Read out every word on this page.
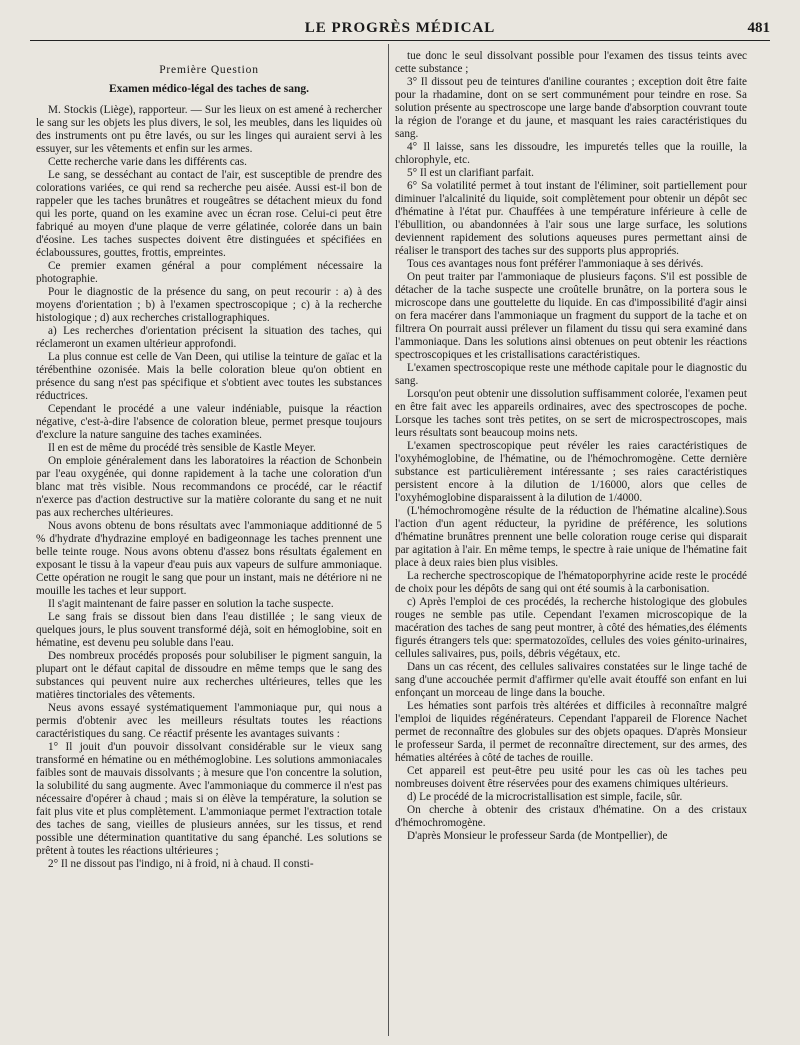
LE PROGRÈS MÉDICAL	481
Première Question
Examen médico-légal des taches de sang.

M. Stockis (Liège), rapporteur. — Sur les lieux on est amené à rechercher le sang sur les objets les plus divers, le sol, les meubles, dans les liquides où des instruments ont pu être lavés, ou sur les linges qui auraient servi à les essuyer, sur les vêtements et enfin sur les armes.

Cette recherche varie dans les différents cas.

Le sang, se desséchant au contact de l'air, est susceptible de prendre des colorations variées, ce qui rend sa recherche peu aisée. Aussi est-il bon de rappeler que les taches brunâtres et rougeâtres se détachent mieux du fond qui les porte, quand on les examine avec un écran rose. Celui-ci peut être fabriqué au moyen d'une plaque de verre gélatinée, colorée dans un bain d'éosine. Les taches suspectes doivent être distinguées et spécifiées en éclaboussures, gouttes, frottis, empreintes.

Ce premier examen général a pour complément nécessaire la photographie.

Pour le diagnostic de la présence du sang, on peut recourir : a) à des moyens d'orientation ; b) à l'examen spectroscopique ; c) à la recherche histologique ; d) aux recherches cristallographiques.

a) Les recherches d'orientation précisent la situation des taches, qui réclameront un examen ultérieur approfondi.

La plus connue est celle de Van Deen, qui utilise la teinture de gaïac et la térébenthine ozonisée. Mais la belle coloration bleue qu'on obtient en présence du sang n'est pas spécifique et s'obtient avec toutes les substances réductrices.

Cependant le procédé a une valeur indéniable, puisque la réaction négative, c'est-à-dire l'absence de coloration bleue, permet presque toujours d'exclure la nature sanguine des taches examinées.

Il en est de même du procédé très sensible de Kastle Meyer.

On emploie généralement dans les laboratoires la réaction de Schonbein par l'eau oxygénée, qui donne rapidement à la tache une coloration d'un blanc mat très visible. Nous recommandons ce procédé, car le réactif n'exerce pas d'action destructive sur la matière colorante du sang et ne nuit pas aux recherches ultérieures.

Nous avons obtenu de bons résultats avec l'ammoniaque additionné de 5 % d'hydrate d'hydrazine employé en badigeonnage les taches prennent une belle teinte rouge. Nous avons obtenu d'assez bons résultats également en exposant le tissu à la vapeur d'eau puis aux vapeurs de sulfure ammoniaque. Cette opération ne rougit le sang que pour un instant, mais ne détériore ni ne mouille les taches et leur support.

Il s'agit maintenant de faire passer en solution la tache suspecte.

Le sang frais se dissout bien dans l'eau distillée ; le sang vieux de quelques jours, le plus souvent transformé déjà, soit en hémoglobine, soit en hématine, est devenu peu soluble dans l'eau.

Des nombreux procédés proposés pour solubiliser le pigment sanguin, la plupart ont le défaut capital de dissoudre en même temps que le sang des substances qui peuvent nuire aux recherches ultérieures, telles que les matières tinctoriales des vêtements.

Neus avons essayé systématiquement l'ammoniaque pur, qui nous a permis d'obtenir avec les meilleurs résultats toutes les réactions caractéristiques du sang. Ce réactif présente les avantages suivants :

1° Il jouit d'un pouvoir dissolvant considérable sur le vieux sang transformé en hématine ou en méthémoglobine. Les solutions ammoniacales faibles sont de mauvais dissolvants ; à mesure que l'on concentre la solution, la solubilité du sang augmente. Avec l'ammoniaque du commerce il n'est pas nécessaire d'opérer à chaud ; mais si on élève la température, la solution se fait plus vite et plus complètement. L'ammoniaque permet l'extraction totale des taches de sang, vieilles de plusieurs années, sur les tissus, et rend possible une détermination quantitative du sang épanché. Les solutions se prêtent à toutes les réactions ultérieures ;

2° Il ne dissout pas l'indigo, ni à froid, ni à chaud. Il consti-

tue donc le seul dissolvant possible pour l'examen des tissus teints avec cette substance ;

3° Il dissout peu de teintures d'aniline courantes ; exception doit être faite pour la rhadamine, dont on se sert communément pour teindre en rose. Sa solution présente au spectroscope une large bande d'absorption couvrant toute la région de l'orange et du jaune, et masquant les raies caractéristiques du sang.

4° Il laisse, sans les dissoudre, les impuretés telles que la rouille, la chlorophyle, etc.

5° Il est un clarifiant parfait.

6° Sa volatilité permet à tout instant de l'éliminer, soit partiellement pour diminuer l'alcalinité du liquide, soit complètement pour obtenir un dépôt sec d'hématine à l'état pur. Chauffées à une température inférieure à celle de l'ébullition, ou abandonnées à l'air sous une large surface, les solutions deviennent rapidement des solutions aqueuses pures permettant ainsi de réaliser le transport des taches sur des supports plus appropriés.

Tous ces avantages nous font préférer l'ammoniaque à ses dérivés.

On peut traiter par l'ammoniaque de plusieurs façons. S'il est possible de détacher de la tache suspecte une croûtelle brunâtre, on la portera sous le microscope dans une gouttelette du liquide. En cas d'impossibilité d'agir ainsi on fera macérer dans l'ammoniaque un fragment du support de la tache et on filtrera On pourrait aussi prélever un filament du tissu qui sera examiné dans l'ammoniaque. Dans les solutions ainsi obtenues on peut obtenir les réactions spectroscopiques et les cristallisations caractéristiques.

L'examen spectroscopique reste une méthode capitale pour le diagnostic du sang.

Lorsqu'on peut obtenir une dissolution suffisamment colorée, l'examen peut en être fait avec les appareils ordinaires, avec des spectroscopes de poche. Lorsque les taches sont très petites, on se sert de microspectroscopes, mais leurs résultats sont beaucoup moins nets.

L'examen spectroscopique peut révéler les raies caractéristiques de l'oxyhémoglobine, de l'hématine, ou de l'hémochromogène. Cette dernière substance est particulièrement intéressante ; ses raies caractéristiques persistent encore à la dilution de 1/16000, alors que celles de l'oxyhémoglobine disparaissent à la dilution de 1/4000.

(L'hémochromogène résulte de la réduction de l'hématine alcaline).Sous l'action d'un agent réducteur, la pyridine de préférence, les solutions d'hématine brunâtres prennent une belle coloration rouge cerise qui disparait par agitation à l'air. En même temps, le spectre à raie unique de l'hématine fait place à deux raies bien plus visibles.

La recherche spectroscopique de l'hématoporphyrine acide reste le procédé de choix pour les dépôts de sang qui ont été soumis à la carbonisation.

c) Après l'emploi de ces procédés, la recherche histologique des globules rouges ne semble pas utile. Cependant l'examen microscopique de la macération des taches de sang peut montrer, à côté des hématies,des éléments figurés étrangers tels que: spermatozoïdes, cellules des voies génito-urinaires, cellules salivaires, pus, poils, débris végétaux, etc.

Dans un cas récent, des cellules salivaires constatées sur le linge taché de sang d'une accouchée permit d'affirmer qu'elle avait étouffé son enfant en lui enfonçant un morceau de linge dans la bouche.

Les hématies sont parfois très altérées et difficiles à reconnaître malgré l'emploi de liquides régénérateurs. Cependant l'appareil de Florence Nachet permet de reconnaître des globules sur des objets opaques. D'après Monsieur le professeur Sarda, il permet de reconnaître directement, sur des armes, des hématies altérées à côté de taches de rouille.

Cet appareil est peut-être peu usité pour les cas où les taches peu nombreuses doivent être réservées pour des examens chimiques ultérieurs.

d) Le procédé de la microcristallisation est simple, facile, sûr.

On cherche à obtenir des cristaux d'hématine. On a des cristaux d'hémochromogène.

D'après Monsieur le professeur Sarda (de Montpellier), de
